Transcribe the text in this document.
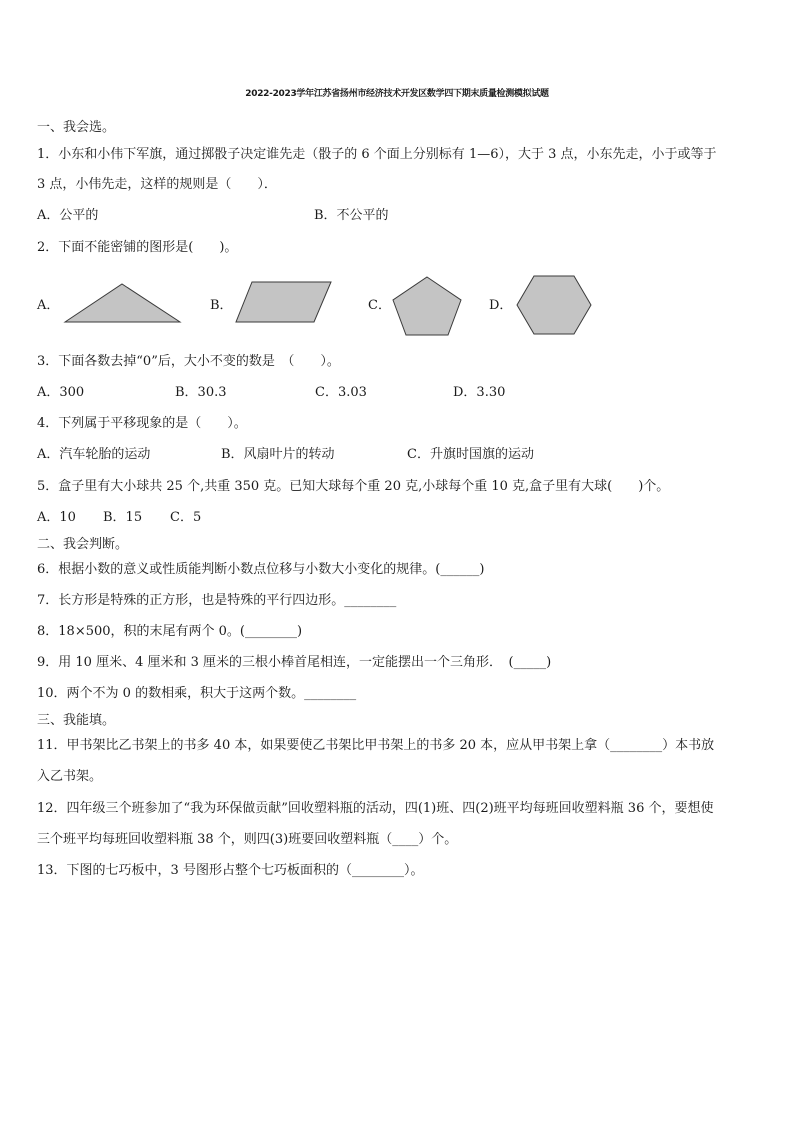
2022-2023学年江苏省扬州市经济技术开发区数学四下期末质量检测模拟试题
一、我会选。
1．小东和小伟下军旗，通过掷骰子决定谁先走（骰子的 6 个面上分别标有 1—6），大于 3 点，小东先走，小于或等于
3 点，小伟先走，这样的规则是（　　）．
A．公平的	B．不公平的
2．下面不能密铺的图形是(　　)。
A．	B．	C．	D．
3．下面各数去掉“0”后，大小不变的数是　（　　）。
A．300	B．30.3	C．3.03	D．3.30
4．下列属于平移现象的是（　　）。
A．汽车轮胎的运动	B．风扇叶片的转动	C．升旗时国旗的运动
5．盒子里有大小球共 25 个,共重 350 克。已知大球每个重 20 克,小球每个重 10 克,盒子里有大球(　　)个。
A．10 B．15 C．5
二、我会判断。
6．根据小数的意义或性质能判断小数点位移与小数大小变化的规律。(______)
7．长方形是特殊的正方形，也是特殊的平行四边形。________
8．18×500，积的末尾有两个 0。(________)
9．用 10 厘米、4 厘米和 3 厘米的三根小棒首尾相连，一定能摆出一个三角形．　(_____)
10．两个不为 0 的数相乘，积大于这两个数。________
三、我能填。
11．甲书架比乙书架上的书多 40 本，如果要使乙书架比甲书架上的书多 20 本，应从甲书架上拿（________）本书放
入乙书架。
12．四年级三个班参加了“我为环保做贡献”回收塑料瓶的活动，四(1)班、四(2)班平均每班回收塑料瓶 36 个，要想使
三个班平均每班回收塑料瓶 38 个，则四(3)班要回收塑料瓶（____）个。
13．下图的七巧板中，3 号图形占整个七巧板面积的（________）。
